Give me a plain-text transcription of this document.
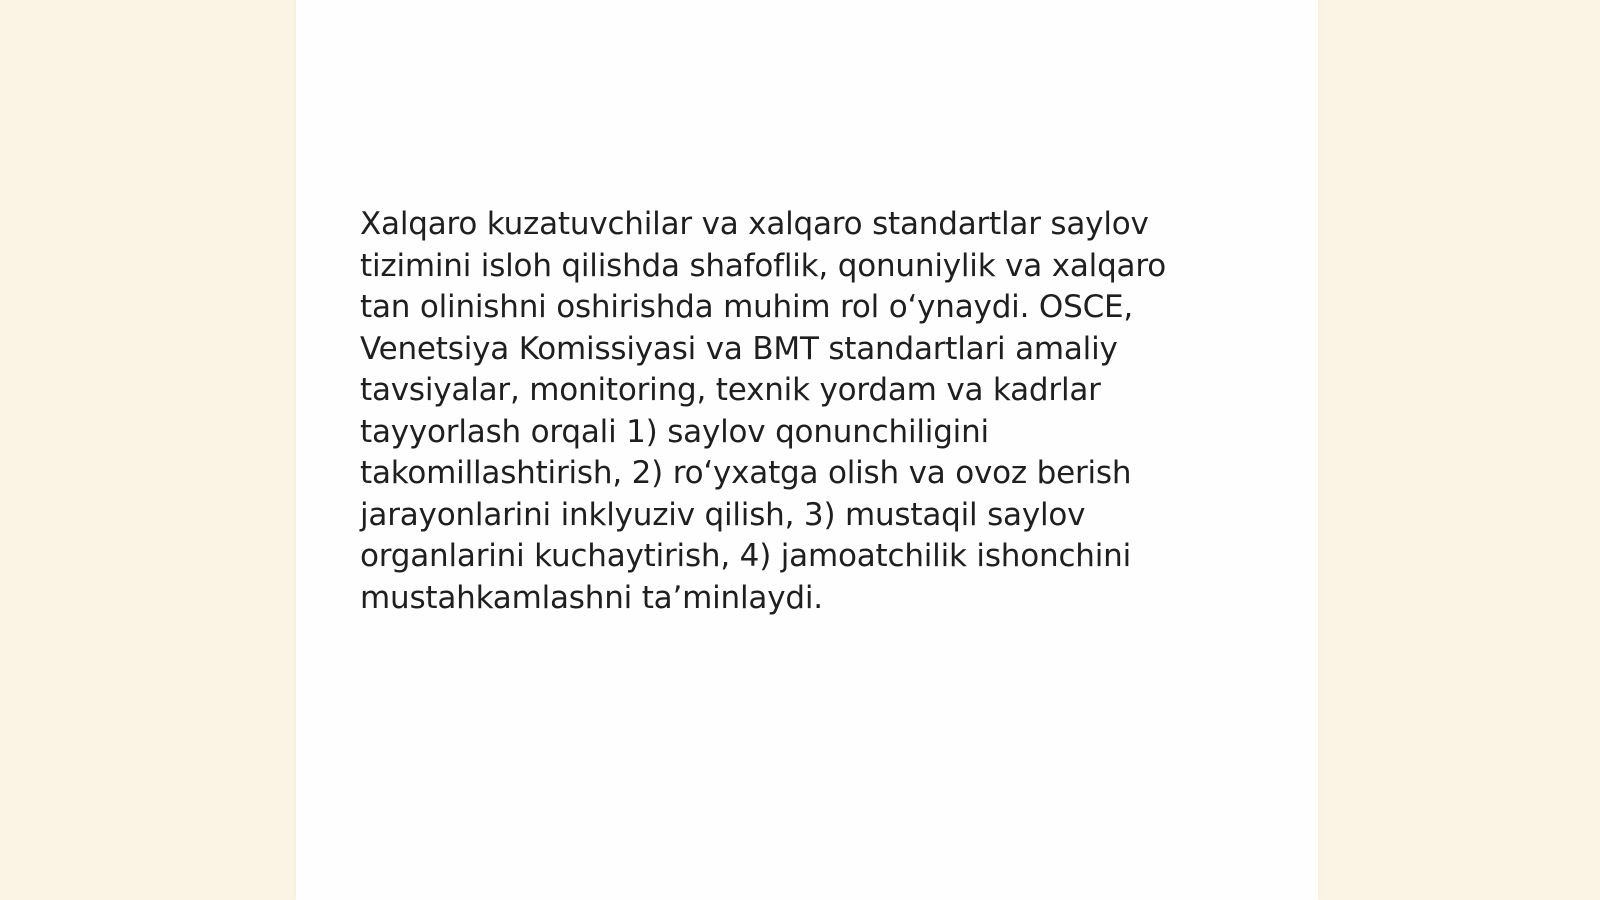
Xalqaro kuzatuvchilar va xalqaro standartlar saylov
tizimini isloh qilishda shafoflik, qonuniylik va xalqaro
tan olinishni oshirishda muhim rol o‘ynaydi. OSCE,
Venetsiya Komissiyasi va BMT standartlari amaliy
tavsiyalar, monitoring, texnik yordam va kadrlar
tayyorlash orqali 1) saylov qonunchiligini
takomillashtirish, 2) ro‘yxatga olish va ovoz berish
jarayonlarini inklyuziv qilish, 3) mustaqil saylov
organlarini kuchaytirish, 4) jamoatchilik ishonchini
mustahkamlashni ta’minlaydi.
